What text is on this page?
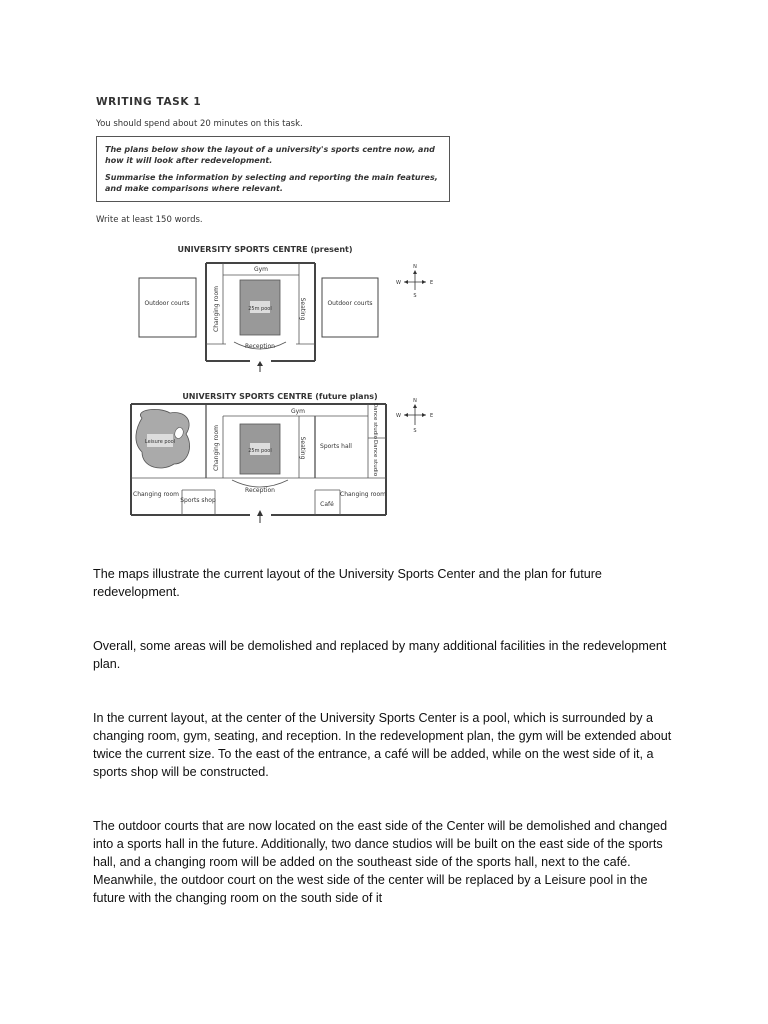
WRITING TASK 1
You should spend about 20 minutes on this task.

The plans below show the layout of a university's sports centre now, and how it will look after redevelopment.

Summarise the information by selecting and reporting the main features, and make comparisons where relevant.

Write at least 150 words.
UNIVERSITY SPORTS CENTRE (present)
Outdoor courts
Gym
Changing room	Seating
25m pool
Reception
Outdoor courts
N
S
E
W
UNIVERSITY SPORTS CENTRE (future plans)
Leisure pool
Gym
Changing room	Seating
25m pool
Reception
Sports hall
Dance studio
Dance studio
Changing room
Sports shop
Café
Changing room
N
S
E
W

The maps illustrate the current layout of the University Sports Center and the plan for future redevelopment.

Overall, some areas will be demolished and replaced by many additional facilities in the redevelopment plan.

In the current layout, at the center of the University Sports Center is a pool, which is surrounded by a changing room, gym, seating, and reception. In the redevelopment plan, the gym will be extended about twice the current size. To the east of the entrance, a café will be added, while on the west side of it, a sports shop will be constructed.

The outdoor courts that are now located on the east side of the Center will be demolished and changed into a sports hall in the future. Additionally, two dance studios will be built on the east side of the sports hall, and a changing room will be added on the southeast side of the sports hall, next to the café. Meanwhile, the outdoor court on the west side of the center will be replaced by a Leisure pool in the future with the changing room on the south side of it
